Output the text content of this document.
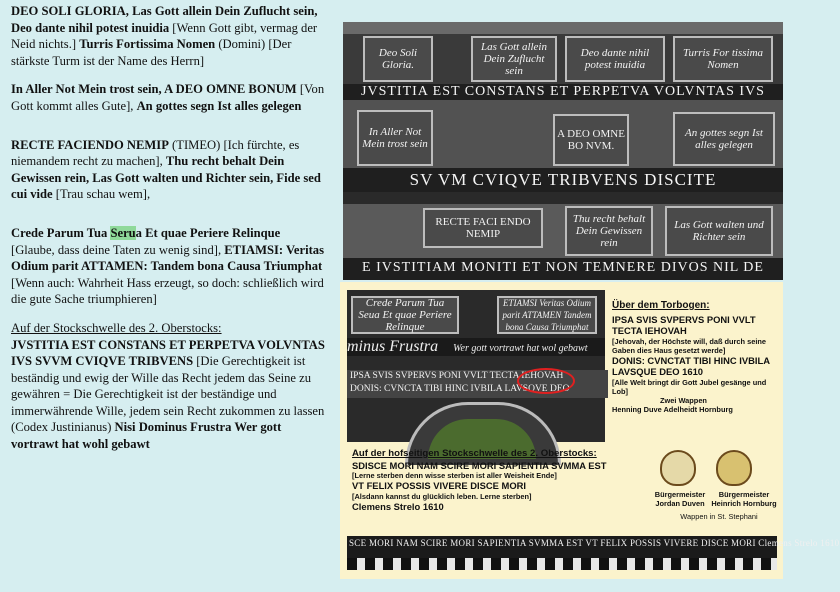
DEO SOLI GLORIA, Las Gott allein Dein Zuflucht sein, Deo dante nihil potest inuidia [Wenn Gott gibt, vermag der Neid nichts.] Turris Fortissima Nomen (Domini) [Der stärkste Turm ist der Name des Herrn]

In Aller Not Mein trost sein, A DEO OMNE BONUM [Von Gott kommt alles Gute], An gottes segn Ist alles gelegen

RECTE FACIENDO NEMIP (TIMEO) [Ich fürchte, es niemandem recht zu machen], Thu recht behalt Dein Gewissen rein, Las Gott walten und Richter sein, Fide sed cui vide [Trau schau wem],

Crede Parum Tua Serua Et quae Periere Relinque [Glaube, dass deine Taten zu wenig sind], ETIAMSI: Veritas Odium parit ATTAMEN: Tandem bona Causa Triumphat [Wenn auch: Wahrheit Hass erzeugt, so doch: schließlich wird die gute Sache triumphieren]

Auf der Stockschwelle des 2. Oberstocks:
JVSTITIA EST CONSTANS ET PERPETVA VOLVNTAS IVS SVVM CVIQVE TRIBVENS [Die Gerechtigkeit ist beständig und ewig der Wille das Recht jedem das Seine zu gewähren = Die Gerechtigkeit ist der beständige und immerwährende Wille, jedem sein Recht zukommen zu lassen (Codex Justinianus) Nisi Dominus Frustra Wer gott vortrawt hat wohl gebawt

Deo Soli Gloria.
Las Gott allein Dein Zuflucht sein
Deo dante nihil potest inuidia
Turris For tissima Nomen
JVSTITIA EST CONSTANS ET PERPETVA VOLVNTAS IVS
In Aller Not Mein trost sein
A DEO OMNE BO NVM.
An gottes segn Ist alles gelegen
SV VM CVIQVE TRIBVENS DISCITE
RECTE FACI ENDO NEMIP
Thu recht behalt Dein Gewissen rein
Las Gott walten und Richter sein
E IVSTITIAM MONITI ET NON TEMNERE DIVOS NIL DE
Crede Parum Tua Seua Et quae Periere Relinque
ETIAMSI Veritas Odium parit ATTAMEN Tandem bona Causa Triumphat
minus Frustra Wer gott vortrawt hat wol gebawt
IPSA SVIS SVPERVS PONI VVLT TECTA IEHOVAH
DONIS: CVNCTA TIBI HINC IVBILA LAVSQVE DEO
Über dem Torbogen:
IPSA SVIS SVPERVS PONI VVLT TECTA IEHOVAH
[Jehovah, der Höchste will, daß durch seine Gaben dies Haus gesetzt werde]
DONIS: CVNCTAT TIBI HINC IVBILA LAVSQUE DEO 1610
[Alle Welt bringt dir Gott Jubel gesänge und Lob]
Zwei Wappen
Henning Duve Adelheidt Hornburg
Auf der hofseitigen Stockschwelle des 2. Oberstocks:
SDISCE MORI NAM SCIRE MORI SAPIENTIA SVMMA EST
[Lerne sterben denn wisse sterben ist aller Weisheit Ende]
VT FELIX POSSIS VIVERE DISCE MORI
[Alsdann kannst du glücklich leben. Lerne sterben]
Clemens Strelo 1610
Bürgermeister
Jordan Duven
Bürgermeister
Heinrich Hornburg
Wappen in St. Stephani
SCE MORI NAM SCIRE MORI SAPIENTIA SVMMA EST VT FELIX POSSIS VIVERE DISCE MORI Clemens Strelo 1610
